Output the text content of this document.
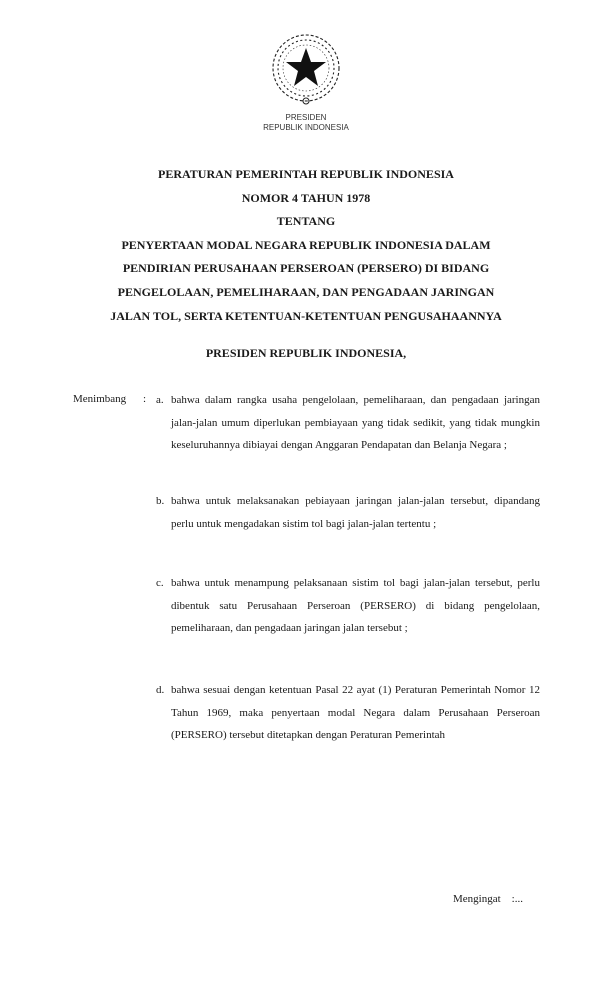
PRESIDEN
REPUBLIK INDONESIA
PERATURAN PEMERINTAH REPUBLIK INDONESIA
NOMOR 4 TAHUN 1978
TENTANG
PENYERTAAN MODAL NEGARA REPUBLIK INDONESIA DALAM
PENDIRIAN PERUSAHAAN PERSEROAN (PERSERO) DI BIDANG
PENGELOLAAN, PEMELIHARAAN, DAN PENGADAAN JARINGAN
JALAN TOL, SERTA KETENTUAN-KETENTUAN PENGUSAHAANNYA
PRESIDEN REPUBLIK INDONESIA,
Menimbang : a. bahwa dalam rangka usaha pengelolaan, pemeliharaan, dan pengadaan jaringan jalan-jalan umum diperlukan pembiayaan yang tidak sedikit, yang tidak mungkin keseluruhannya dibiayai dengan Anggaran Pendapatan dan Belanja Negara ;
b. bahwa untuk melaksanakan pebiayaan jaringan jalan-jalan tersebut, dipandang perlu untuk mengadakan sistim tol bagi jalan-jalan tertentu ;
c. bahwa untuk menampung pelaksanaan sistim tol bagi jalan-jalan tersebut, perlu dibentuk satu Perusahaan Perseroan (PERSERO) di bidang pengelolaan, pemeliharaan, dan pengadaan jaringan jalan tersebut ;
d. bahwa sesuai dengan ketentuan Pasal 22 ayat (1) Peraturan Pemerintah Nomor 12 Tahun 1969, maka penyertaan modal Negara dalam Perusahaan Perseroan (PERSERO) tersebut ditetapkan dengan Peraturan Pemerintah
Mengingat    :...
